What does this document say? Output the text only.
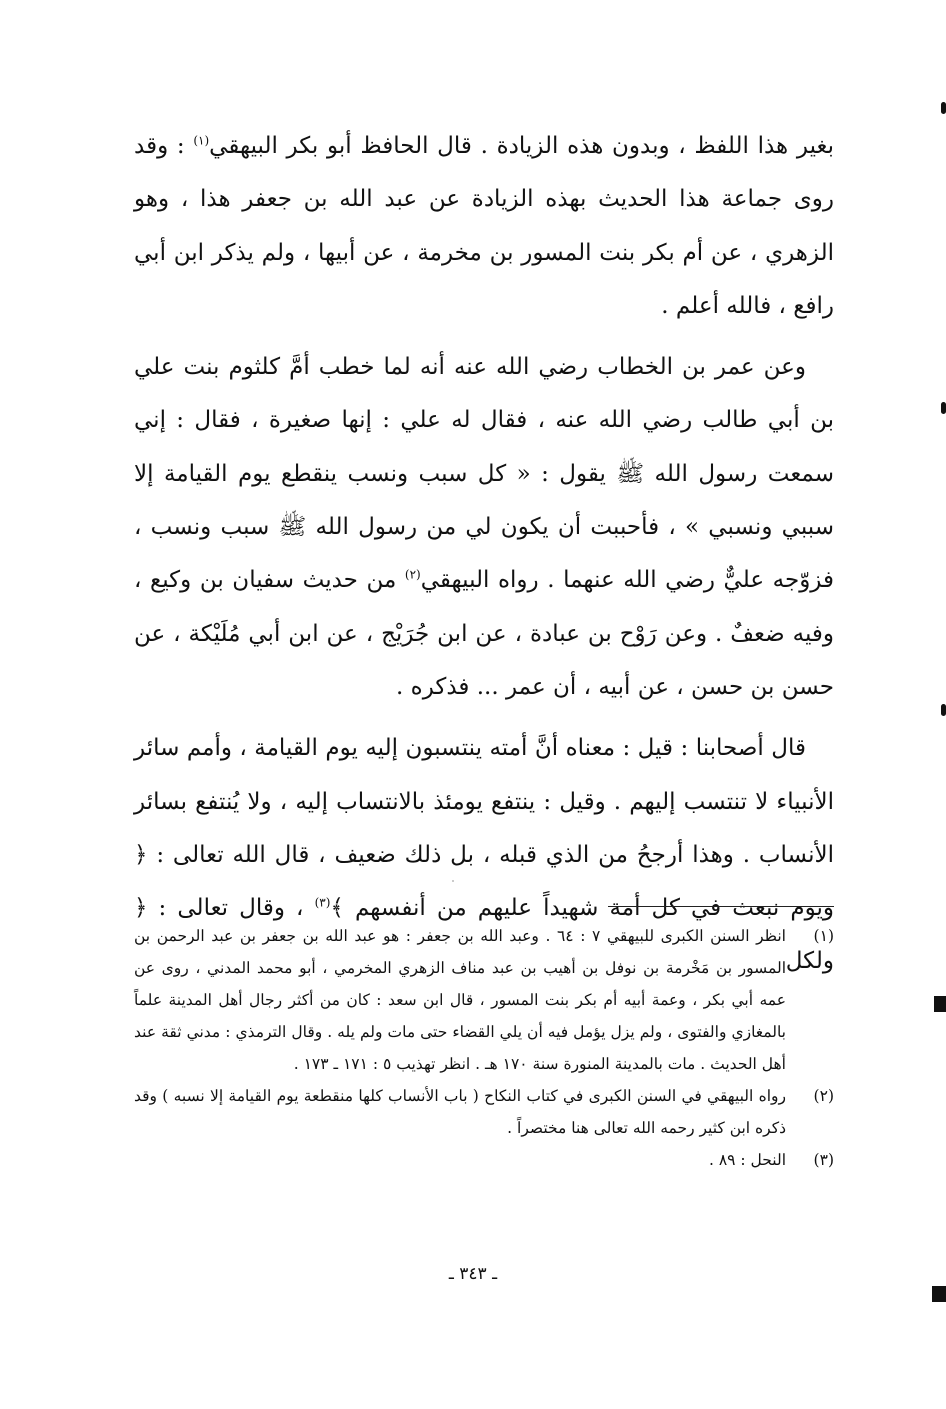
بغير هذا اللفظ ، وبدون هذه الزيادة . قال الحافظ أبو بكر البيهقي$^{(١)}$ : وقد روى جماعة هذا الحديث بهذه الزيادة عن عبد الله بن جعفر هذا ، وهو الزهري ، عن أم بكر بنت المسور بن مخرمة ، عن أبيها ، ولم يذكر ابن أبي رافع ، فالله أعلم .

وعن عمر بن الخطاب رضي الله عنه أنه لما خطب أمَّ كلثوم بنت علي بن أبي طالب رضي الله عنه ، فقال له علي : إنها صغيرة ، فقال : إني سمعت رسول الله ﷺ يقول : « كل سبب ونسب ينقطع يوم القيامة إلا سببي ونسبي » ، فأحببت أن يكون لي من رسول الله ﷺ سبب ونسب ، فزوّجه عليٌّ رضي الله عنهما . رواه البيهقي$^{(٢)}$ من حديث سفيان بن وكيع ، وفيه ضعفٌ . وعن رَوْح بن عبادة ، عن ابن جُرَيْج ، عن ابن أبي مُلَيْكة ، عن حسن بن حسن ، عن أبيه ، أن عمر ... فذكره .

قال أصحابنا : قيل : معناه أنَّ أمته ينتسبون إليه يوم القيامة ، وأمم سائر الأنبياء لا تنتسب إليهم . وقيل : ينتفع يومئذ بالانتساب إليه ، ولا يُنتفع بسائر الأنساب . وهذا أرجحُ من الذي قبله ، بل ذلك ضعيف ، قال الله تعالى : ﴿ ويوم نبعث في كل أمة شهيداً عليهم من أنفسهم ﴾$^{(٣)}$ ، وقال تعالى : ﴿ ولكل

(١)
انظر السنن الكبرى للبيهقي ٧ : ٦٤ . وعبد الله بن جعفر : هو عبد الله بن جعفر بن عبد الرحمن بن المسور بن مَخْرمة بن نوفل بن أهيب بن عبد مناف الزهري المخرمي ، أبو محمد المدني ، روى عن عمه أبي بكر ، وعمة أبيه أم بكر بنت المسور ، قال ابن سعد : كان من أكثر رجال أهل المدينة علماً بالمغازي والفتوى ، ولم يزل يؤمل فيه أن يلي القضاء حتى مات ولم يله . وقال الترمذي : مدني ثقة عند أهل الحديث . مات بالمدينة المنورة سنة ١٧٠ هـ . انظر تهذيب ٥ : ١٧١ ـ ١٧٣ .
(٢)
رواه البيهقي في السنن الكبرى في كتاب النكاح ( باب الأنساب كلها منقطعة يوم القيامة إلا نسبه ) وقد ذكره ابن كثير رحمه الله تعالى هنا مختصراً .
(٣)
النحل : ٨٩ .
ـ ٣٤٣ ـ
